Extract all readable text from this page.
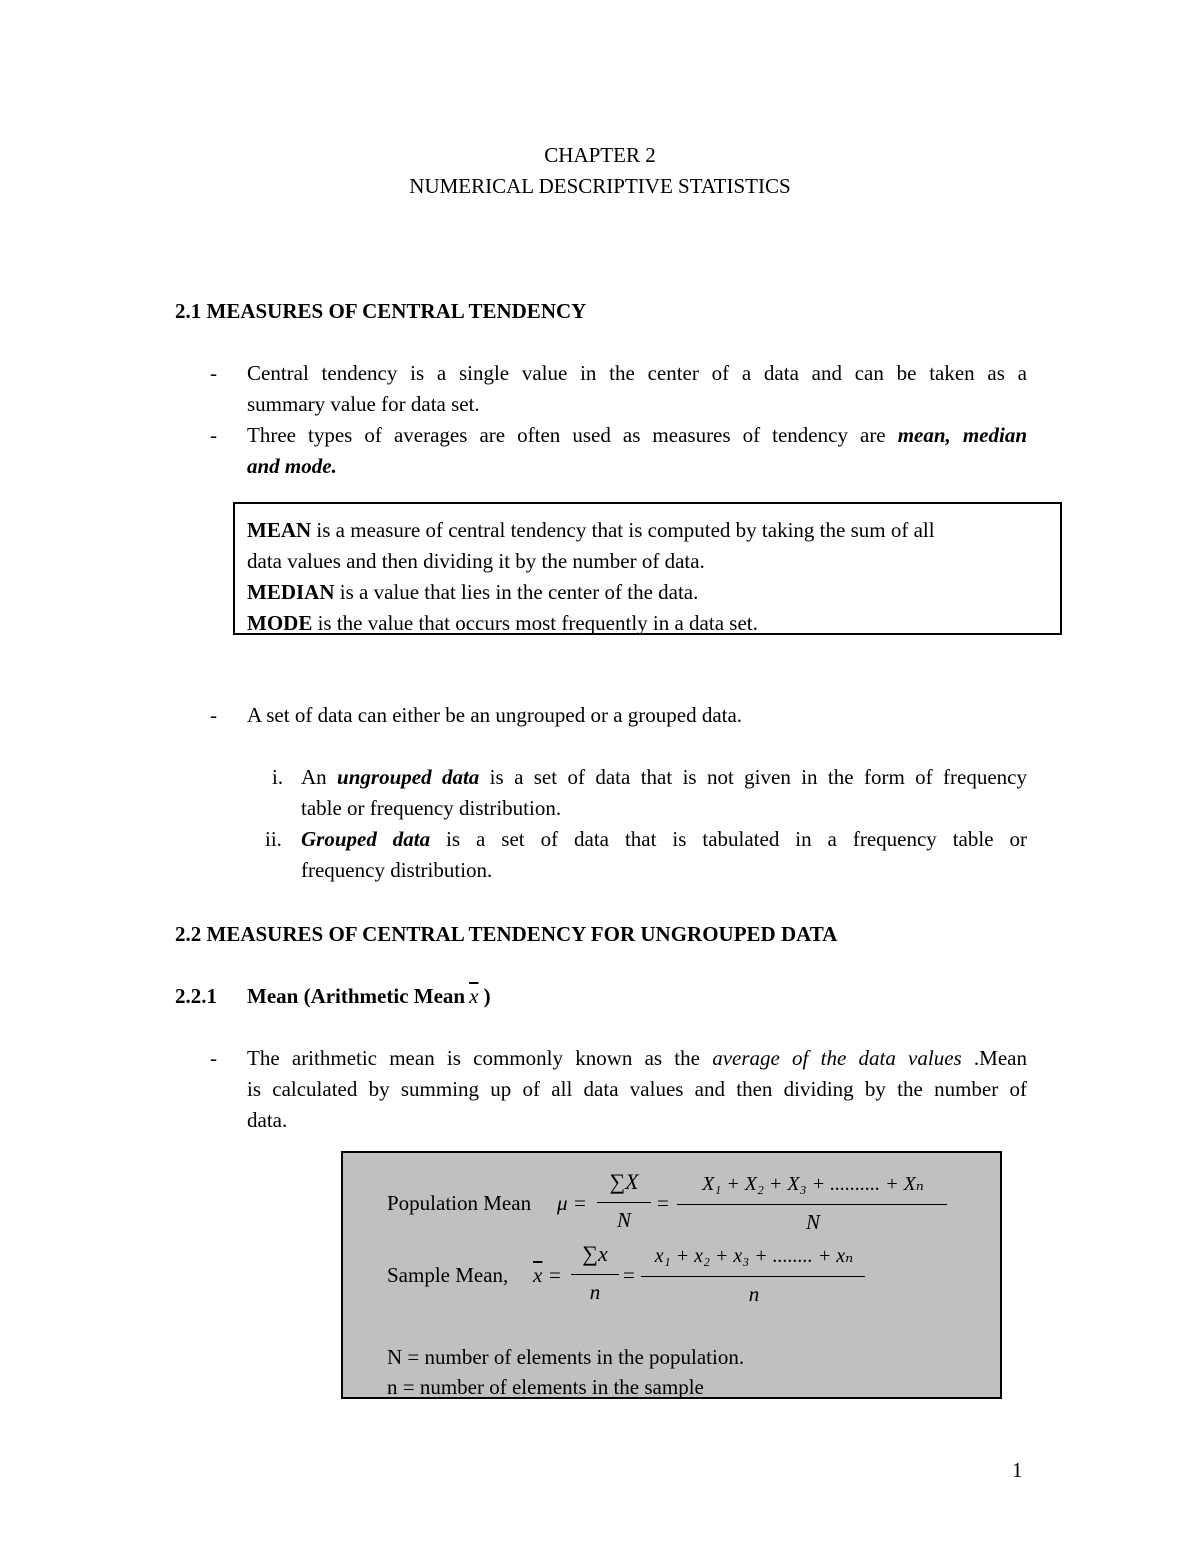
CHAPTER 2
NUMERICAL DESCRIPTIVE STATISTICS
2.1 MEASURES OF CENTRAL TENDENCY
- Central tendency is a single value in the center of a data and can be taken as a
summary value for data set.
- Three types of averages are often used as measures of tendency are mean, median
and mode.
MEAN is a measure of central tendency that is computed by taking the sum of all
data values and then dividing it by the number of data.
MEDIAN is a value that lies in the center of the data.
MODE is the value that occurs most frequently in a data set.
- A set of data can either be an ungrouped or a grouped data.
i. An ungrouped data is a set of data that is not given in the form of frequency
table or frequency distribution.
ii. Grouped data is a set of data that is tabulated in a frequency table or
frequency distribution.
2.2 MEASURES OF CENTRAL TENDENCY FOR UNGROUPED DATA
2.2.1 Mean (Arithmetic Mean $\overline{x}$ )
- The arithmetic mean is commonly known as the average of the data values .Mean
is calculated by summing up of all data values and then dividing by the number of
data.
Population Mean μ =
∑X
N
=
X₁ + X₂ + X₃ + .......... + Xₙ
N
Sample Mean, $\overline{x}$ =
∑x
n
=
x₁ + x₂ + x₃ + ........ + xₙ
n
N = number of elements in the population.
n = number of elements in the sample
1
